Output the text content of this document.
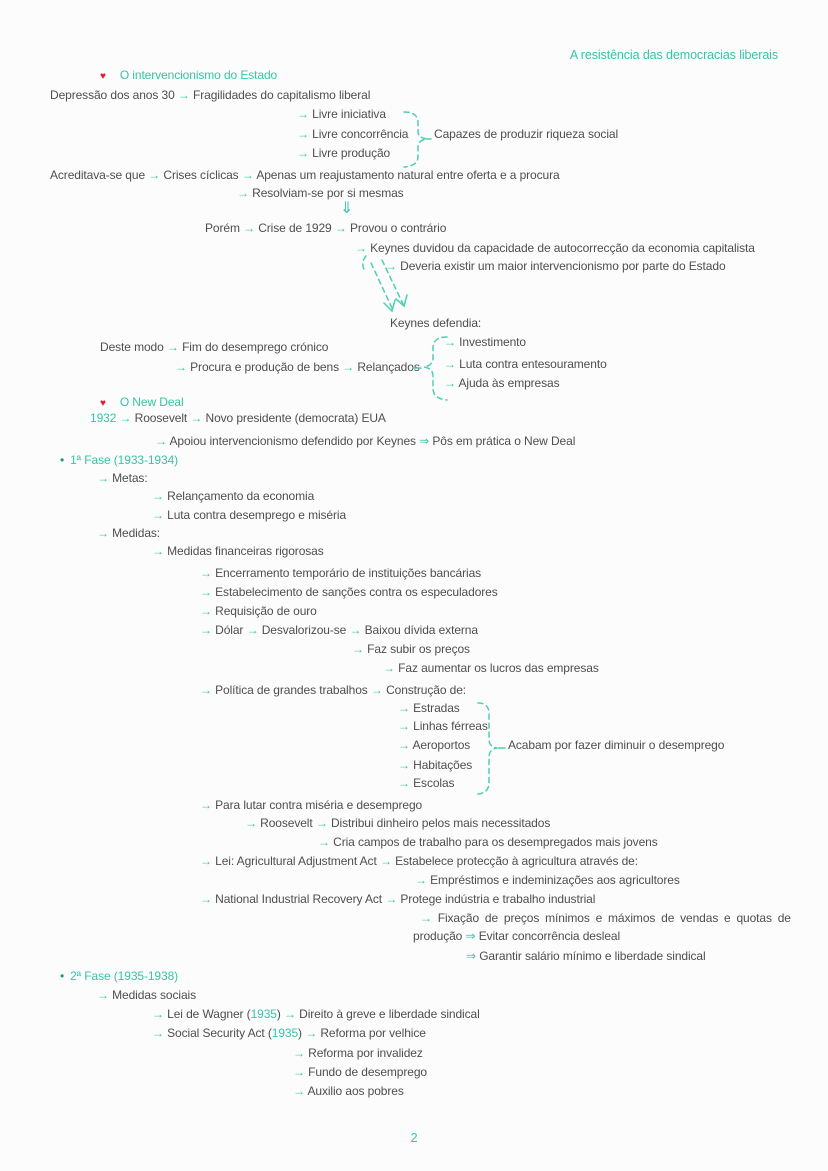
A resistência das democracias liberais
♥ O intervencionismo do Estado
Depressão dos anos 30 → Fragilidades do capitalismo liberal
→ Livre iniciativa
→ Livre concorrência Capazes de produzir riqueza social
→ Livre produção
Acreditava-se que → Crises cíclicas → Apenas um reajustamento natural entre oferta e a procura
→ Resolviam-se por si mesmas
⇓
Porém → Crise de 1929 → Provou o contrário
→ Keynes duvidou da capacidade de autocorrecção da economia capitalista
→ Deveria existir um maior intervencionismo por parte do Estado
Keynes defendia:
Deste modo → Fim do desemprego crónico	→ Investimento
→ Procura e produção de bens → Relançados → Luta contra entesouramento
→ Ajuda às empresas
♥ O New Deal
1932 → Roosevelt → Novo presidente (democrata) EUA
→ Apoiou intervencionismo defendido por Keynes ⇒ Pôs em prática o New Deal
• 1ª Fase (1933-1934)
→ Metas:
→ Relançamento da economia
→ Luta contra desemprego e miséria
→ Medidas:
→ Medidas financeiras rigorosas
→ Encerramento temporário de instituições bancárias
→ Estabelecimento de sanções contra os especuladores
→ Requisição de ouro
→ Dólar → Desvalorizou-se → Baixou dívida externa
→ Faz subir os preços
→ Faz aumentar os lucros das empresas
→ Política de grandes trabalhos → Construção de:
→ Estradas
→ Linhas férreas
→ Aeroportos	Acabam por fazer diminuir o desemprego
→ Habitações
→ Escolas
→ Para lutar contra miséria e desemprego
→ Roosevelt → Distribui dinheiro pelos mais necessitados
→ Cria campos de trabalho para os desempregados mais jovens
→ Lei: Agricultural Adjustment Act → Estabelece protecção à agricultura através de:
→ Empréstimos e indeminizações aos agricultores
→ National Industrial Recovery Act → Protege indústria e trabalho industrial
→ Fixação de preços mínimos e máximos de vendas e quotas de
produção ⇒ Evitar concorrência desleal
⇒ Garantir salário mínimo e liberdade sindical
• 2ª Fase (1935-1938)
→ Medidas sociais
→ Lei de Wagner (1935) → Direito à greve e liberdade sindical
→ Social Security Act (1935) → Reforma por velhice
→ Reforma por invalidez
→ Fundo de desemprego
→ Auxilio aos pobres
2
